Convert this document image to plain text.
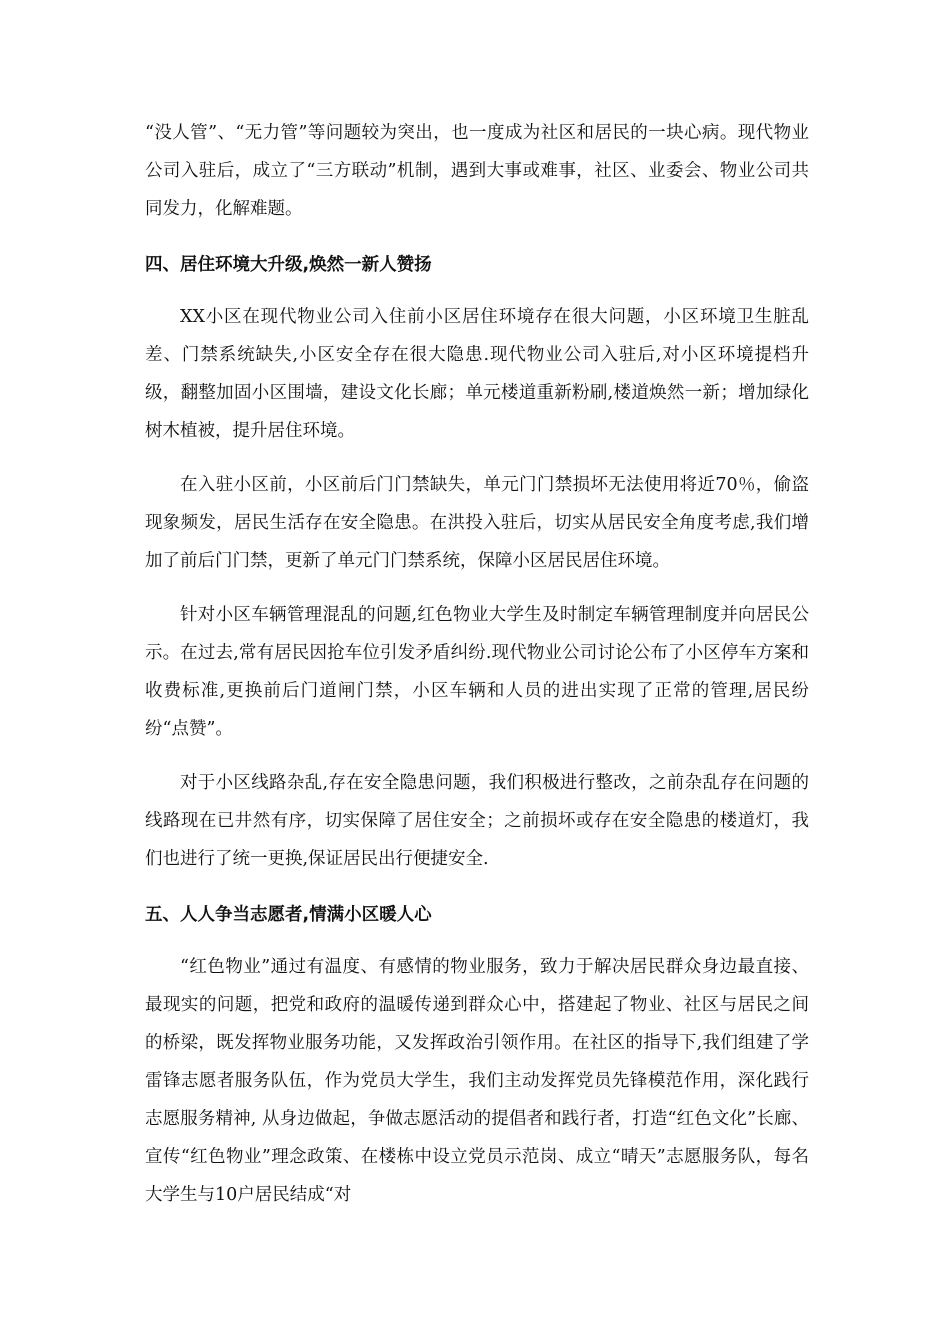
“没人管”、“无力管”等问题较为突出，也一度成为社区和居民的一块心病。现代物业公司入驻后，成立了“三方联动”机制，遇到大事或难事，社区、业委会、物业公司共同发力，化解难题。

四、居住环境大升级,焕然一新人赞扬

XX小区在现代物业公司入住前小区居住环境存在很大问题，小区环境卫生脏乱差、门禁系统缺失,小区安全存在很大隐患.现代物业公司入驻后,对小区环境提档升级，翻整加固小区围墙，建设文化长廊；单元楼道重新粉刷,楼道焕然一新；增加绿化树木植被，提升居住环境。

在入驻小区前，小区前后门门禁缺失，单元门门禁损坏无法使用将近70％，偷盗现象频发，居民生活存在安全隐患。在洪投入驻后，切实从居民安全角度考虑,我们增加了前后门门禁，更新了单元门门禁系统，保障小区居民居住环境。

针对小区车辆管理混乱的问题,红色物业大学生及时制定车辆管理制度并向居民公示。在过去,常有居民因抢车位引发矛盾纠纷.现代物业公司讨论公布了小区停车方案和收费标准,更换前后门道闸门禁，小区车辆和人员的进出实现了正常的管理,居民纷纷“点赞”。

对于小区线路杂乱,存在安全隐患问题，我们积极进行整改，之前杂乱存在问题的线路现在已井然有序，切实保障了居住安全；之前损坏或存在安全隐患的楼道灯，我们也进行了统一更换,保证居民出行便捷安全.

五、人人争当志愿者,情满小区暖人心

“红色物业”通过有温度、有感情的物业服务，致力于解决居民群众身边最直接、最现实的问题，把党和政府的温暖传递到群众心中，搭建起了物业、社区与居民之间的桥梁，既发挥物业服务功能，又发挥政治引领作用。在社区的指导下,我们组建了学雷锋志愿者服务队伍，作为党员大学生，我们主动发挥党员先锋模范作用，深化践行志愿服务精神, 从身边做起，争做志愿活动的提倡者和践行者，打造“红色文化”长廊、宣传“红色物业”理念政策、在楼栋中设立党员示范岗、成立“晴天”志愿服务队，每名大学生与10户居民结成“对
